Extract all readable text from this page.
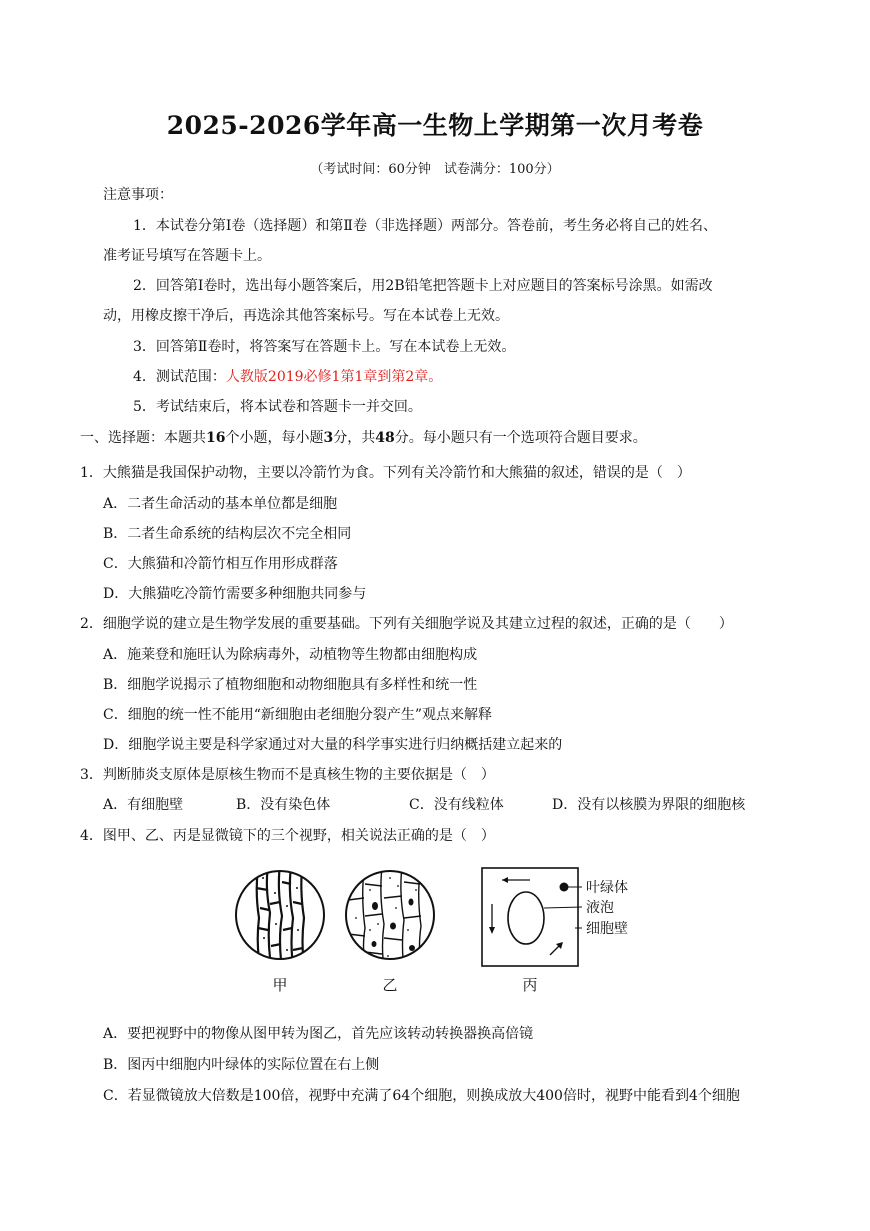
2025-2026学年高一生物上学期第一次月考卷
（考试时间：60分钟　试卷满分：100分）
注意事项：
1．本试卷分第Ⅰ卷（选择题）和第Ⅱ卷（非选择题）两部分。答卷前，考生务必将自己的姓名、
准考证号填写在答题卡上。
2．回答第Ⅰ卷时，选出每小题答案后，用2B铅笔把答题卡上对应题目的答案标号涂黑。如需改
动，用橡皮擦干净后，再选涂其他答案标号。写在本试卷上无效。
3．回答第Ⅱ卷时，将答案写在答题卡上。写在本试卷上无效。
4．测试范围：人教版2019必修1第1章到第2章。
5．考试结束后，将本试卷和答题卡一并交回。
一、选择题：本题共16个小题，每小题3分，共48分。每小题只有一个选项符合题目要求。
1．大熊猫是我国保护动物，主要以冷箭竹为食。下列有关冷箭竹和大熊猫的叙述，错误的是（　）
A．二者生命活动的基本单位都是细胞
B．二者生命系统的结构层次不完全相同
C．大熊猫和冷箭竹相互作用形成群落
D．大熊猫吃冷箭竹需要多种细胞共同参与
2．细胞学说的建立是生物学发展的重要基础。下列有关细胞学说及其建立过程的叙述，正确的是（　　）
A．施莱登和施旺认为除病毒外，动植物等生物都由细胞构成
B．细胞学说揭示了植物细胞和动物细胞具有多样性和统一性
C．细胞的统一性不能用“新细胞由老细胞分裂产生”观点来解释
D．细胞学说主要是科学家通过对大量的科学事实进行归纳概括建立起来的
3．判断肺炎支原体是原核生物而不是真核生物的主要依据是（　）
A．有细胞壁	B．没有染色体	C．没有线粒体	D．没有以核膜为界限的细胞核
4．图甲、乙、丙是显微镜下的三个视野，相关说法正确的是（　）
叶绿体
液泡
细胞壁
甲	乙	丙
A．要把视野中的物像从图甲转为图乙，首先应该转动转换器换高倍镜
B．图丙中细胞内叶绿体的实际位置在右上侧
C．若显微镜放大倍数是100倍，视野中充满了64个细胞，则换成放大400倍时，视野中能看到4个细胞
